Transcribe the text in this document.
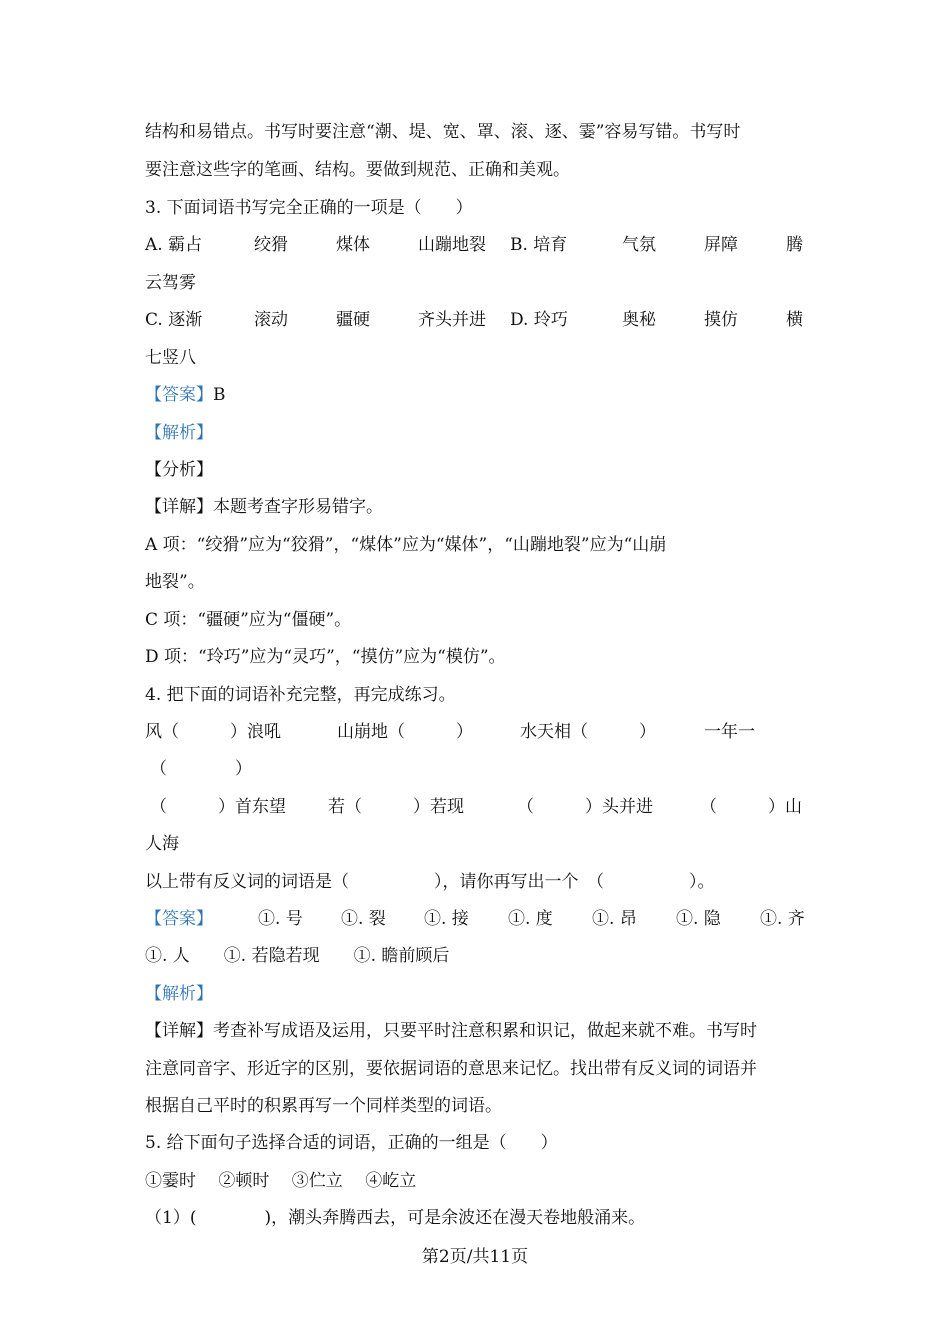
结构和易错点。书写时要注意“潮、堤、宽、罩、滚、逐、霎”容易写错。书写时
要注意这些字的笔画、结构。要做到规范、正确和美观。
3. 下面词语书写完全正确的一项是（　　）
A. 霸占	绞猾	煤体	山蹦地裂 B. 培育	气氛	屏障	腾
云驾雾
C. 逐渐	滚动	疆硬	齐头并进 D. 玲巧	奥秘	摸仿	横
七竖八
【答案】B
【解析】
【分析】
【详解】本题考查字形易错字。
A 项：“绞猾”应为“狡猾”，“煤体”应为“媒体”，“山蹦地裂”应为“山崩
地裂”。
C 项：“疆硬”应为“僵硬”。
D 项：“玲巧”应为“灵巧”，“摸仿”应为“模仿”。
4. 把下面的词语补充完整，再完成练习。
风（　　　）浪吼	山崩地（　　　）	水天相（　　　）	一年一
（　　　　）
（　　　）首东望 若（　　　）若现	（　　　）头并进	（　　　）山
人海
以上带有反义词的词语是（　　　　　），请你再写出一个　（　　　　　）。
【答案】	①. 号 ①. 裂 ①. 接 ①. 度 ①. 昂 ①. 隐 ①. 齐
①. 人　　①. 若隐若现　　①. 瞻前顾后
【解析】
【详解】考查补写成语及运用，只要平时注意积累和识记，做起来就不难。书写时
注意同音字、形近字的区别，要依据词语的意思来记忆。找出带有反义词的词语并
根据自己平时的积累再写一个同样类型的词语。
5. 给下面句子选择合适的词语，正确的一组是（　　）
①霎时　 ②顿时　 ③伫立　 ④屹立
（1）(　　　　)，潮头奔腾西去，可是余波还在漫天卷地般涌来。
第2页/共11页
